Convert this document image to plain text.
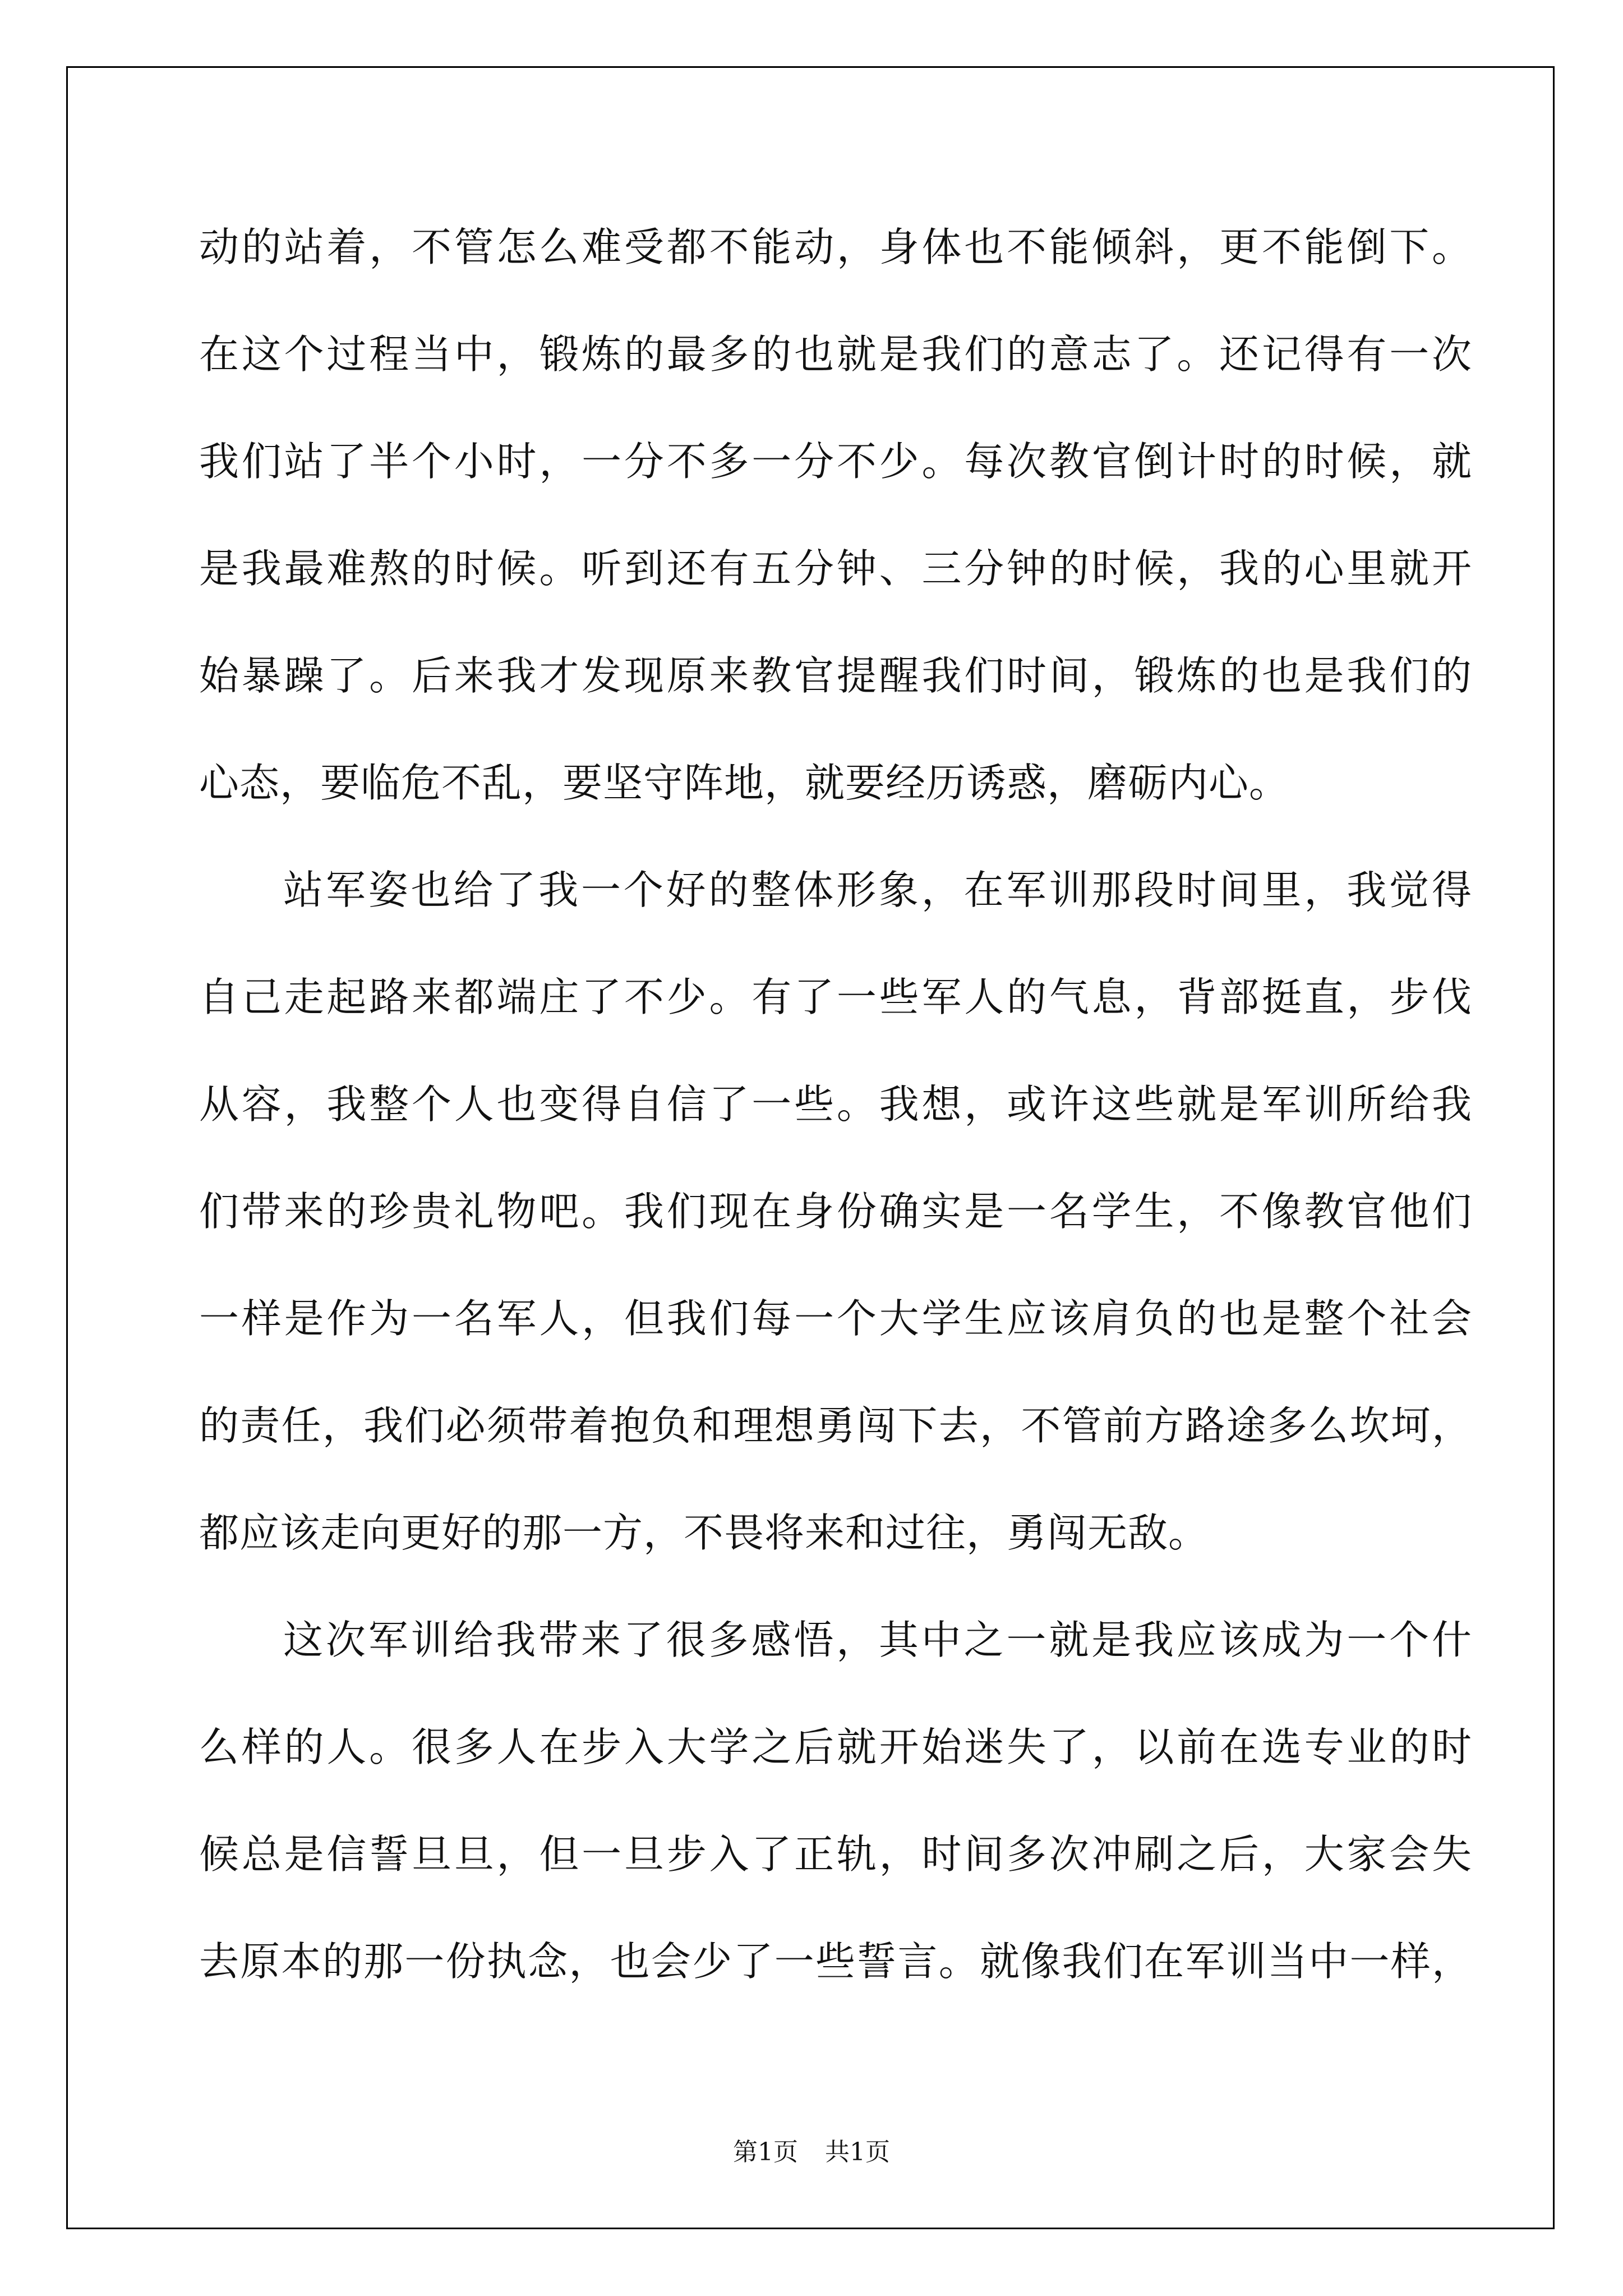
动的站着，不管怎么难受都不能动，身体也不能倾斜，更不能倒下。
在这个过程当中，锻炼的最多的也就是我们的意志了。还记得有一次
我们站了半个小时，一分不多一分不少。每次教官倒计时的时候，就
是我最难熬的时候。听到还有五分钟、三分钟的时候，我的心里就开
始暴躁了。后来我才发现原来教官提醒我们时间，锻炼的也是我们的
心态，要临危不乱，要坚守阵地，就要经历诱惑，磨砺内心。
站军姿也给了我一个好的整体形象，在军训那段时间里，我觉得
自己走起路来都端庄了不少。有了一些军人的气息，背部挺直，步伐
从容，我整个人也变得自信了一些。我想，或许这些就是军训所给我
们带来的珍贵礼物吧。我们现在身份确实是一名学生，不像教官他们
一样是作为一名军人，但我们每一个大学生应该肩负的也是整个社会
的责任，我们必须带着抱负和理想勇闯下去，不管前方路途多么坎坷，
都应该走向更好的那一方，不畏将来和过往，勇闯无敌。
这次军训给我带来了很多感悟，其中之一就是我应该成为一个什
么样的人。很多人在步入大学之后就开始迷失了，以前在选专业的时
候总是信誓旦旦，但一旦步入了正轨，时间多次冲刷之后，大家会失
去原本的那一份执念，也会少了一些誓言。就像我们在军训当中一样，
第1页 共1页
